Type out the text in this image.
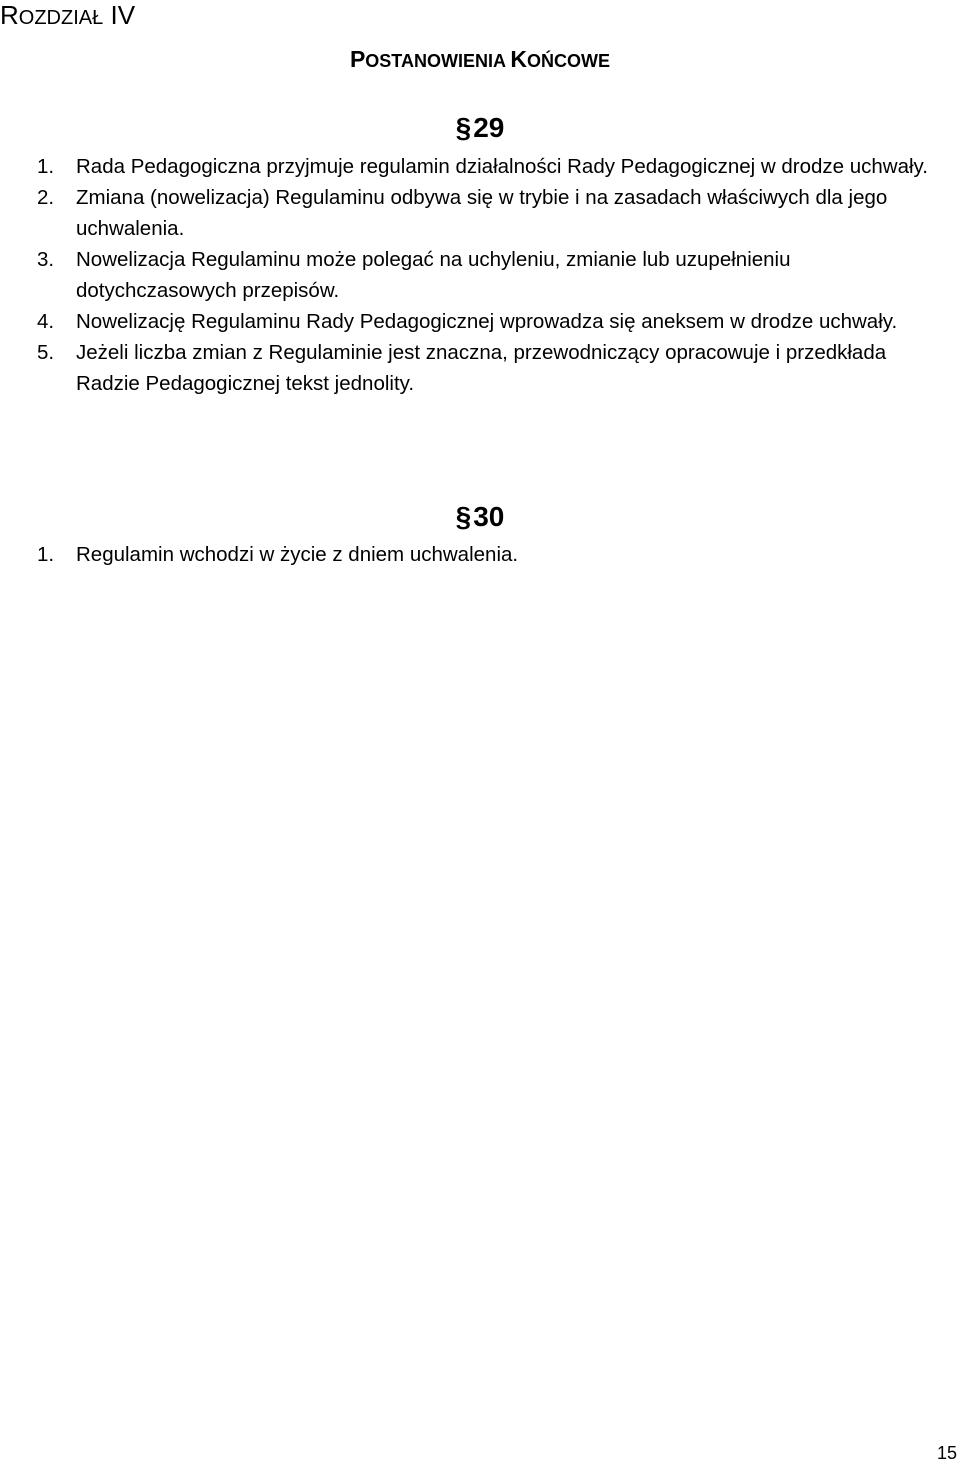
ROZDZIAŁ IV
POSTANOWIENIA KOŃCOWE
§29
1. Rada Pedagogiczna przyjmuje regulamin działalności Rady Pedagogicznej w drodze uchwały.
2. Zmiana (nowelizacja) Regulaminu odbywa się w trybie i na zasadach właściwych dla jego uchwalenia.
3. Nowelizacja Regulaminu może polegać na uchyleniu, zmianie lub uzupełnieniu dotychczasowych przepisów.
4. Nowelizację Regulaminu Rady Pedagogicznej wprowadza się aneksem w drodze uchwały.
5. Jeżeli liczba zmian z Regulaminie jest znaczna, przewodniczący opracowuje i przedkłada Radzie Pedagogicznej tekst jednolity.
§30
1. Regulamin wchodzi w życie z dniem uchwalenia.
15
